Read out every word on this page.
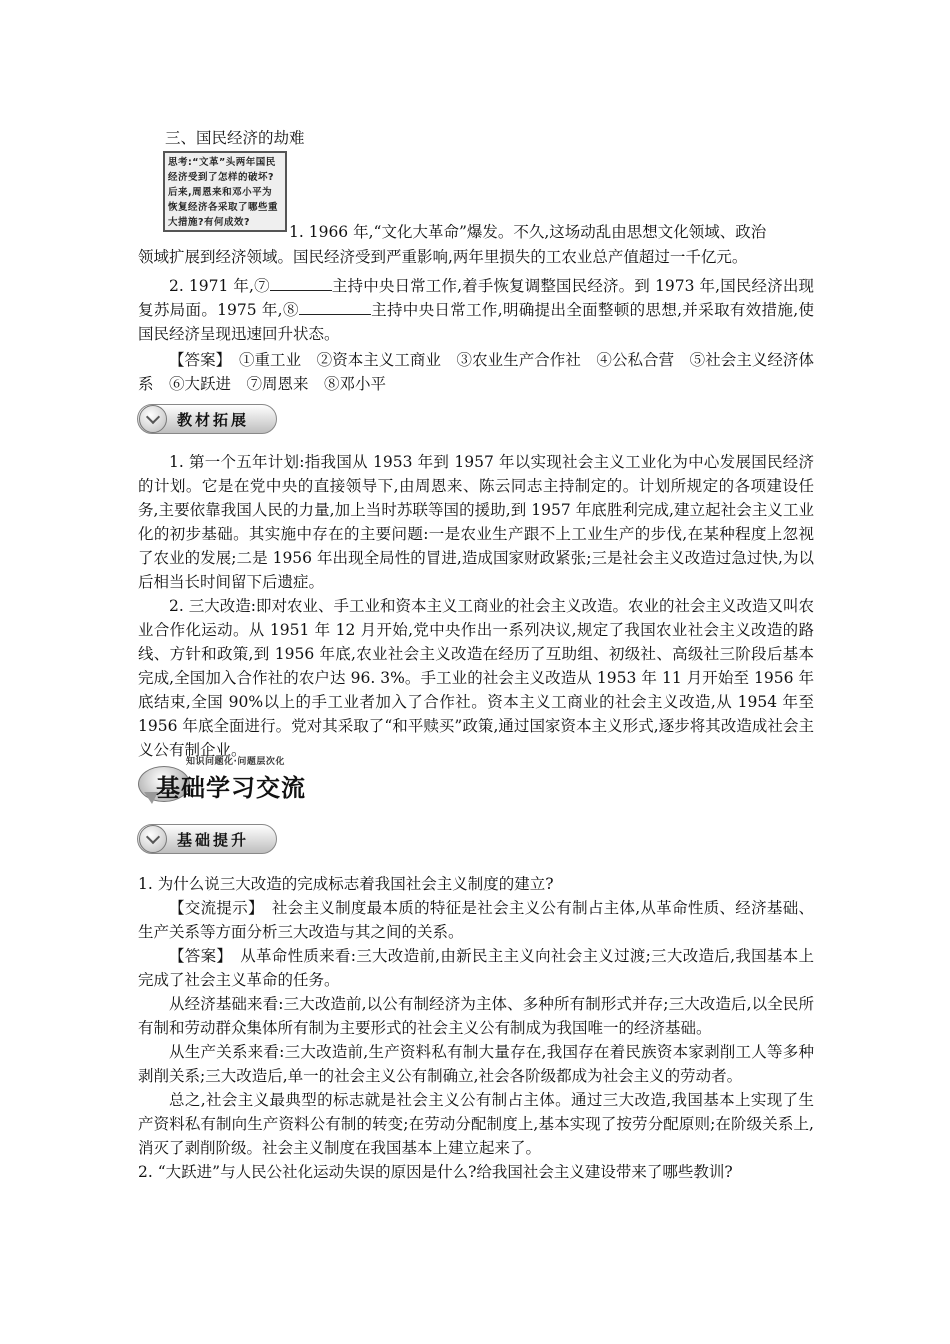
三、国民经济的劫难

思考:“文革”头两年国民经济受到了怎样的破坏?后来,周恩来和邓小平为恢复经济各采取了哪些重大措施?有何成效?

1. 1966 年,“文化大革命”爆发。不久,这场动乱由思想文化领域、政治

领域扩展到经济领域。国民经济受到严重影响,两年里损失的工农业总产值超过一千亿元。

2. 1971 年,⑦	主持中央日常工作,着手恢复调整国民经济。到 1973 年,国民经济出现复苏局面。1975 年,⑧	主持中央日常工作,明确提出全面整顿的思想,并采取有效措施,使国民经济呈现迅速回升状态。

【答案】　 ①重工业　②资本主义工商业　③农业生产合作社　④公私合营　⑤社会主义经济体系　⑥大跃进　⑦周恩来　⑧邓小平

教材拓展

1. 第一个五年计划:指我国从 1953 年到 1957 年以实现社会主义工业化为中心发展国民经济的计划。它是在党中央的直接领导下,由周恩来、陈云同志主持制定的。计划所规定的各项建设任务,主要依靠我国人民的力量,加上当时苏联等国的援助,到 1957 年底胜利完成,建立起社会主义工业化的初步基础。其实施中存在的主要问题:一是农业生产跟不上工业生产的步伐,在某种程度上忽视了农业的发展;二是 1956 年出现全局性的冒进,造成国家财政紧张;三是社会主义改造过急过快,为以后相当长时间留下后遗症。

2. 三大改造:即对农业、手工业和资本主义工商业的社会主义改造。农业的社会主义改造又叫农业合作化运动。从 1951 年 12 月开始,党中央作出一系列决议,规定了我国农业社会主义改造的路线、方针和政策,到 1956 年底,农业社会主义改造在经历了互助组、初级社、高级社三阶段后基本完成,全国加入合作社的农户达 96. 3%。手工业的社会主义改造从 1953 年 11 月开始至 1956 年底结束,全国 90%以上的手工业者加入了合作社。资本主义工商业的社会主义改造,从 1954 年至 1956 年底全面进行。党对其采取了“和平赎买”政策,通过国家资本主义形式,逐步将其改造成社会主义公有制企业。

知识问题化·问题层次化
基础学习交流
基础提升

1. 为什么说三大改造的完成标志着我国社会主义制度的建立?

【交流提示】　 社会主义制度最本质的特征是社会主义公有制占主体,从革命性质、经济基础、生产关系等方面分析三大改造与其之间的关系。

【答案】　 从革命性质来看:三大改造前,由新民主主义向社会主义过渡;三大改造后,我国基本上完成了社会主义革命的任务。

从经济基础来看:三大改造前,以公有制经济为主体、多种所有制形式并存;三大改造后,以全民所有制和劳动群众集体所有制为主要形式的社会主义公有制成为我国唯一的经济基础。

从生产关系来看:三大改造前,生产资料私有制大量存在,我国存在着民族资本家剥削工人等多种剥削关系;三大改造后,单一的社会主义公有制确立,社会各阶级都成为社会主义的劳动者。

总之,社会主义最典型的标志就是社会主义公有制占主体。通过三大改造,我国基本上实现了生产资料私有制向生产资料公有制的转变;在劳动分配制度上,基本实现了按劳分配原则;在阶级关系上,消灭了剥削阶级。社会主义制度在我国基本上建立起来了。

2. “大跃进”与人民公社化运动失误的原因是什么?给我国社会主义建设带来了哪些教训?
